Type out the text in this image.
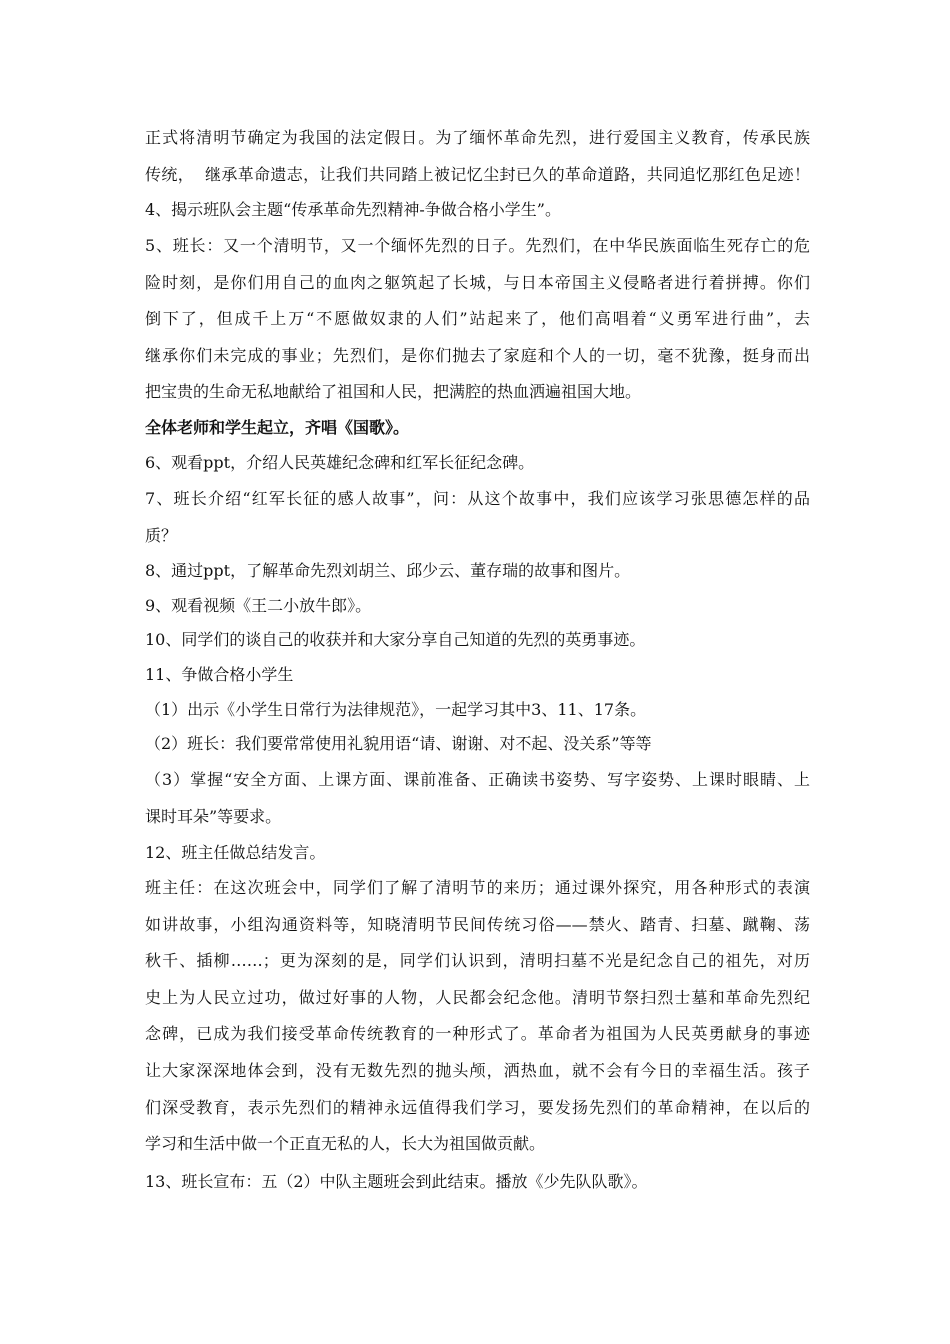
正式将清明节确定为我国的法定假日。为了缅怀革命先烈，进行爱国主义教育，传承民族

传统，  继承革命遗志，让我们共同踏上被记忆尘封已久的革命道路，共同追忆那红色足迹！

4、揭示班队会主题“传承革命先烈精神-争做合格小学生”。

5、班长：又一个清明节，又一个缅怀先烈的日子。先烈们，在中华民族面临生死存亡的危

险时刻，是你们用自己的血肉之躯筑起了长城，与日本帝国主义侵略者进行着拼搏。你们

倒下了，但成千上万“不愿做奴隶的人们”站起来了，他们高唱着“义勇军进行曲”，去

继承你们未完成的事业；先烈们，是你们抛去了家庭和个人的一切，毫不犹豫，挺身而出

把宝贵的生命无私地献给了祖国和人民，把满腔的热血洒遍祖国大地。

全体老师和学生起立，齐唱《国歌》。

6、观看ppt，介绍人民英雄纪念碑和红军长征纪念碑。

7、班长介绍“红军长征的感人故事”，问：从这个故事中，我们应该学习张思德怎样的品

质？

8、通过ppt，了解革命先烈刘胡兰、邱少云、董存瑞的故事和图片。

9、观看视频《王二小放牛郎》。

10、同学们的谈自己的收获并和大家分享自己知道的先烈的英勇事迹。

11、争做合格小学生

（1）出示《小学生日常行为法律规范》，一起学习其中3、11、17条。

（2）班长：我们要常常使用礼貌用语“请、谢谢、对不起、没关系”等等

（3）掌握“安全方面、上课方面、课前准备、正确读书姿势、写字姿势、上课时眼睛、上

课时耳朵”等要求。

12、班主任做总结发言。

班主任：在这次班会中，同学们了解了清明节的来历；通过课外探究，用各种形式的表演

如讲故事，小组沟通资料等，知晓清明节民间传统习俗——禁火、踏青、扫墓、蹴鞠、荡

秋千、插柳……；更为深刻的是，同学们认识到，清明扫墓不光是纪念自己的祖先，对历

史上为人民立过功，做过好事的人物，人民都会纪念他。清明节祭扫烈士墓和革命先烈纪

念碑，已成为我们接受革命传统教育的一种形式了。革命者为祖国为人民英勇献身的事迹

让大家深深地体会到，没有无数先烈的抛头颅，洒热血，就不会有今日的幸福生活。孩子

们深受教育，表示先烈们的精神永远值得我们学习，要发扬先烈们的革命精神，在以后的

学习和生活中做一个正直无私的人，长大为祖国做贡献。

13、班长宣布：五（2）中队主题班会到此结束。播放《少先队队歌》。
